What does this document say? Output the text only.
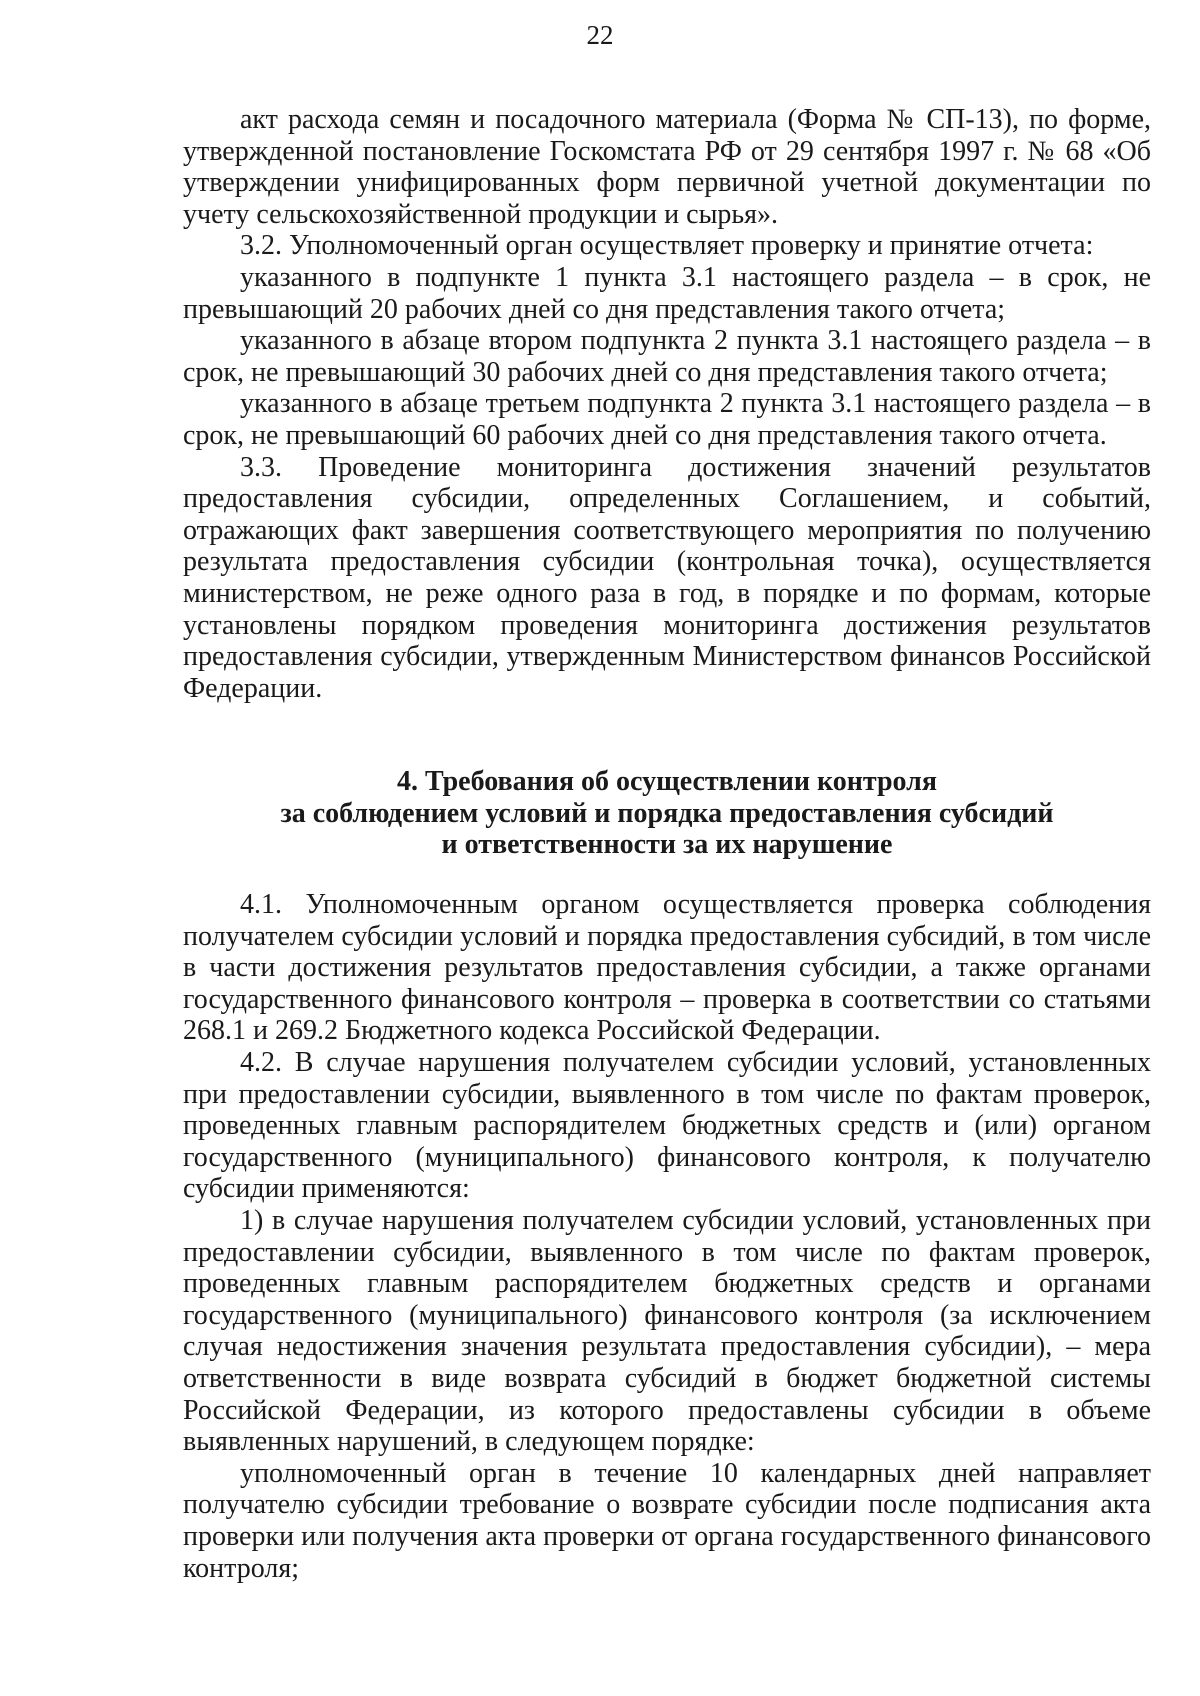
22

акт расхода семян и посадочного материала (Форма № СП-13), по форме, утвержденной постановление Госкомстата РФ от 29 сентября 1997 г. № 68 «Об утверждении унифицированных форм первичной учетной документации по учету сельскохозяйственной продукции и сырья».

3.2. Уполномоченный орган осуществляет проверку и принятие отчета:

указанного в подпункте 1 пункта 3.1 настоящего раздела – в срок, не превышающий 20 рабочих дней со дня представления такого отчета;

указанного в абзаце втором подпункта 2 пункта 3.1 настоящего раздела – в срок, не превышающий 30 рабочих дней со дня представления такого отчета;

указанного в абзаце третьем подпункта 2 пункта 3.1 настоящего раздела – в срок, не превышающий 60 рабочих дней со дня представления такого отчета.

3.3. Проведение мониторинга достижения значений результатов предоставления субсидии, определенных Соглашением, и событий, отражающих факт завершения соответствующего мероприятия по получению результата предоставления субсидии (контрольная точка), осуществляется министерством, не реже одного раза в год, в порядке и по формам, которые установлены порядком проведения мониторинга достижения результатов предоставления субсидии, утвержденным Министерством финансов Российской Федерации.

4. Требования об осуществлении контроля
за соблюдением условий и порядка предоставления субсидий
и ответственности за их нарушение

4.1. Уполномоченным органом осуществляется проверка соблюдения получателем субсидии условий и порядка предоставления субсидий, в том числе в части достижения результатов предоставления субсидии, а также органами государственного финансового контроля – проверка в соответствии со статьями 268.1 и 269.2 Бюджетного кодекса Российской Федерации.

4.2. В случае нарушения получателем субсидии условий, установленных при предоставлении субсидии, выявленного в том числе по фактам проверок, проведенных главным распорядителем бюджетных средств и (или) органом государственного (муниципального) финансового контроля, к получателю субсидии применяются:

1) в случае нарушения получателем субсидии условий, установленных при предоставлении субсидии, выявленного в том числе по фактам проверок, проведенных главным распорядителем бюджетных средств и органами государственного (муниципального) финансового контроля (за исключением случая недостижения значения результата предоставления субсидии), – мера ответственности в виде возврата субсидий в бюджет бюджетной системы Российской Федерации, из которого предоставлены субсидии в объеме выявленных нарушений, в следующем порядке:

уполномоченный орган в течение 10 календарных дней направляет получателю субсидии требование о возврате субсидии после подписания акта проверки или получения акта проверки от органа государственного финансового контроля;
